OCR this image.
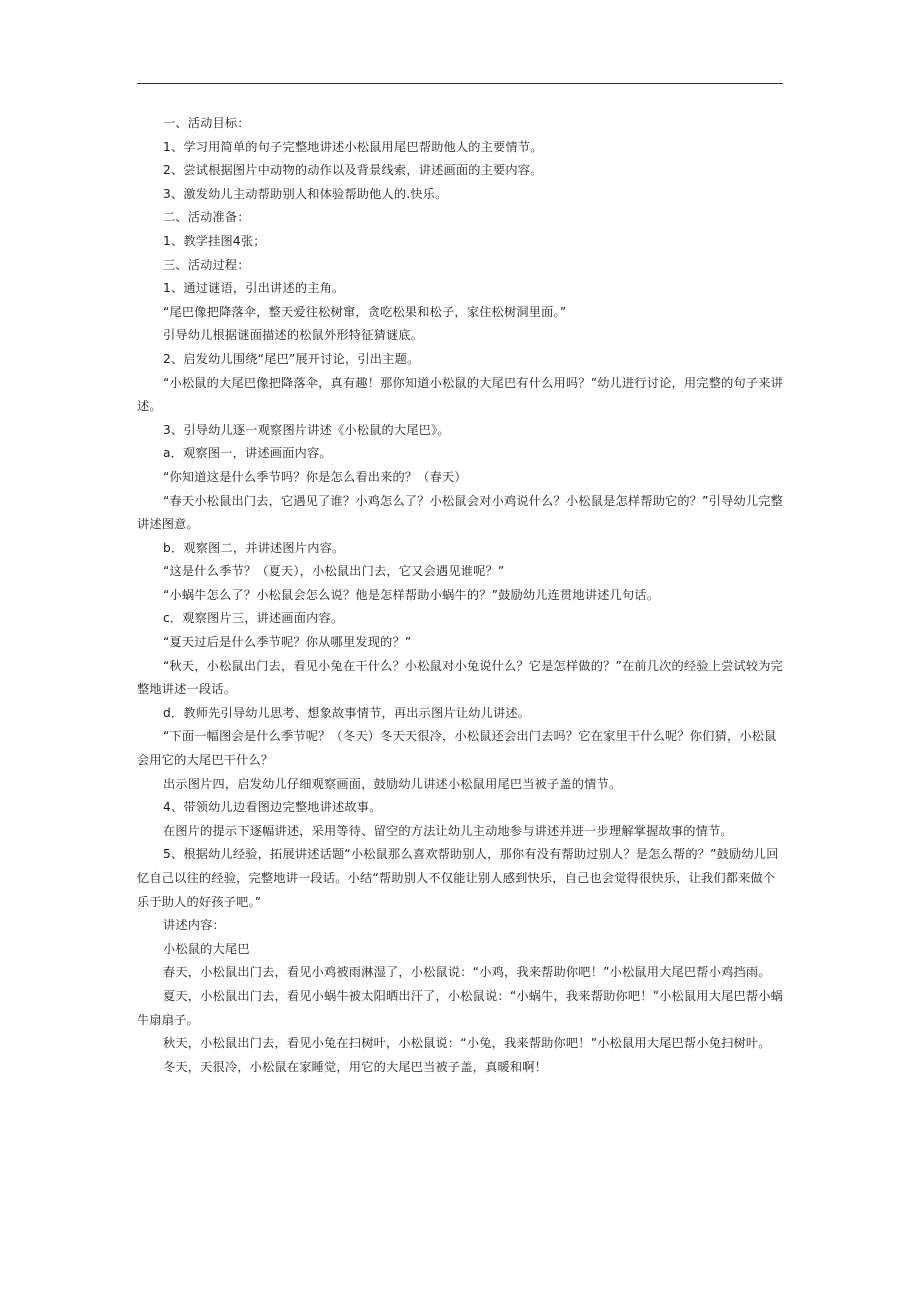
一、活动目标：

1、学习用简单的句子完整地讲述小松鼠用尾巴帮助他人的主要情节。

2、尝试根据图片中动物的动作以及背景线索，讲述画面的主要内容。

3、激发幼儿主动帮助别人和体验帮助他人的.快乐。

二、活动准备：

1、教学挂图4张；

三、活动过程：

1、通过谜语，引出讲述的主角。

“尾巴像把降落伞，整天爱往松树窜，贪吃松果和松子，家住松树洞里面。”

引导幼儿根据谜面描述的松鼠外形特征猜谜底。

2、启发幼儿围绕“尾巴”展开讨论，引出主题。

“小松鼠的大尾巴像把降落伞，真有趣！那你知道小松鼠的大尾巴有什么用吗？”幼儿进行讨论，用完整的句子来讲述。

3、引导幼儿逐一观察图片讲述《小松鼠的大尾巴》。

a．观察图一，讲述画面内容。

“你知道这是什么季节吗？你是怎么看出来的？（春天）

“春天小松鼠出门去，它遇见了谁？小鸡怎么了？小松鼠会对小鸡说什么？小松鼠是怎样帮助它的？”引导幼儿完整讲述图意。

b．观察图二，并讲述图片内容。

“这是什么季节？（夏天），小松鼠出门去，它又会遇见谁呢？”

“小蜗牛怎么了？小松鼠会怎么说？他是怎样帮助小蜗牛的？”鼓励幼儿连贯地讲述几句话。

c．观察图片三，讲述画面内容。

“夏天过后是什么季节呢？你从哪里发现的？”

“秋天，小松鼠出门去，看见小兔在干什么？小松鼠对小兔说什么？它是怎样做的？”在前几次的经验上尝试较为完整地讲述一段话。

d．教师先引导幼儿思考、想象故事情节，再出示图片让幼儿讲述。

“下面一幅图会是什么季节呢？（冬天）冬天天很冷，小松鼠还会出门去吗？它在家里干什么呢？你们猜，小松鼠会用它的大尾巴干什么？

出示图片四，启发幼儿仔细观察画面，鼓励幼儿讲述小松鼠用尾巴当被子盖的情节。

4、带领幼儿边看图边完整地讲述故事。

在图片的提示下逐幅讲述，采用等待、留空的方法让幼儿主动地参与讲述并进一步理解掌握故事的情节。

5、根据幼儿经验，拓展讲述话题“小松鼠那么喜欢帮助别人，那你有没有帮助过别人？是怎么帮的？”鼓励幼儿回忆自己以往的经验，完整地讲一段话。小结“帮助别人不仅能让别人感到快乐，自己也会觉得很快乐，让我们都来做个乐于助人的好孩子吧。”

讲述内容：

小松鼠的大尾巴

春天，小松鼠出门去，看见小鸡被雨淋湿了，小松鼠说：“小鸡，我来帮助你吧！”小松鼠用大尾巴帮小鸡挡雨。

夏天，小松鼠出门去，看见小蜗牛被太阳晒出汗了，小松鼠说：“小蜗牛，我来帮助你吧！”小松鼠用大尾巴帮小蜗牛扇扇子。

秋天，小松鼠出门去，看见小兔在扫树叶，小松鼠说：“小兔，我来帮助你吧！”小松鼠用大尾巴帮小兔扫树叶。

冬天，天很冷，小松鼠在家睡觉，用它的大尾巴当被子盖，真暖和啊！
